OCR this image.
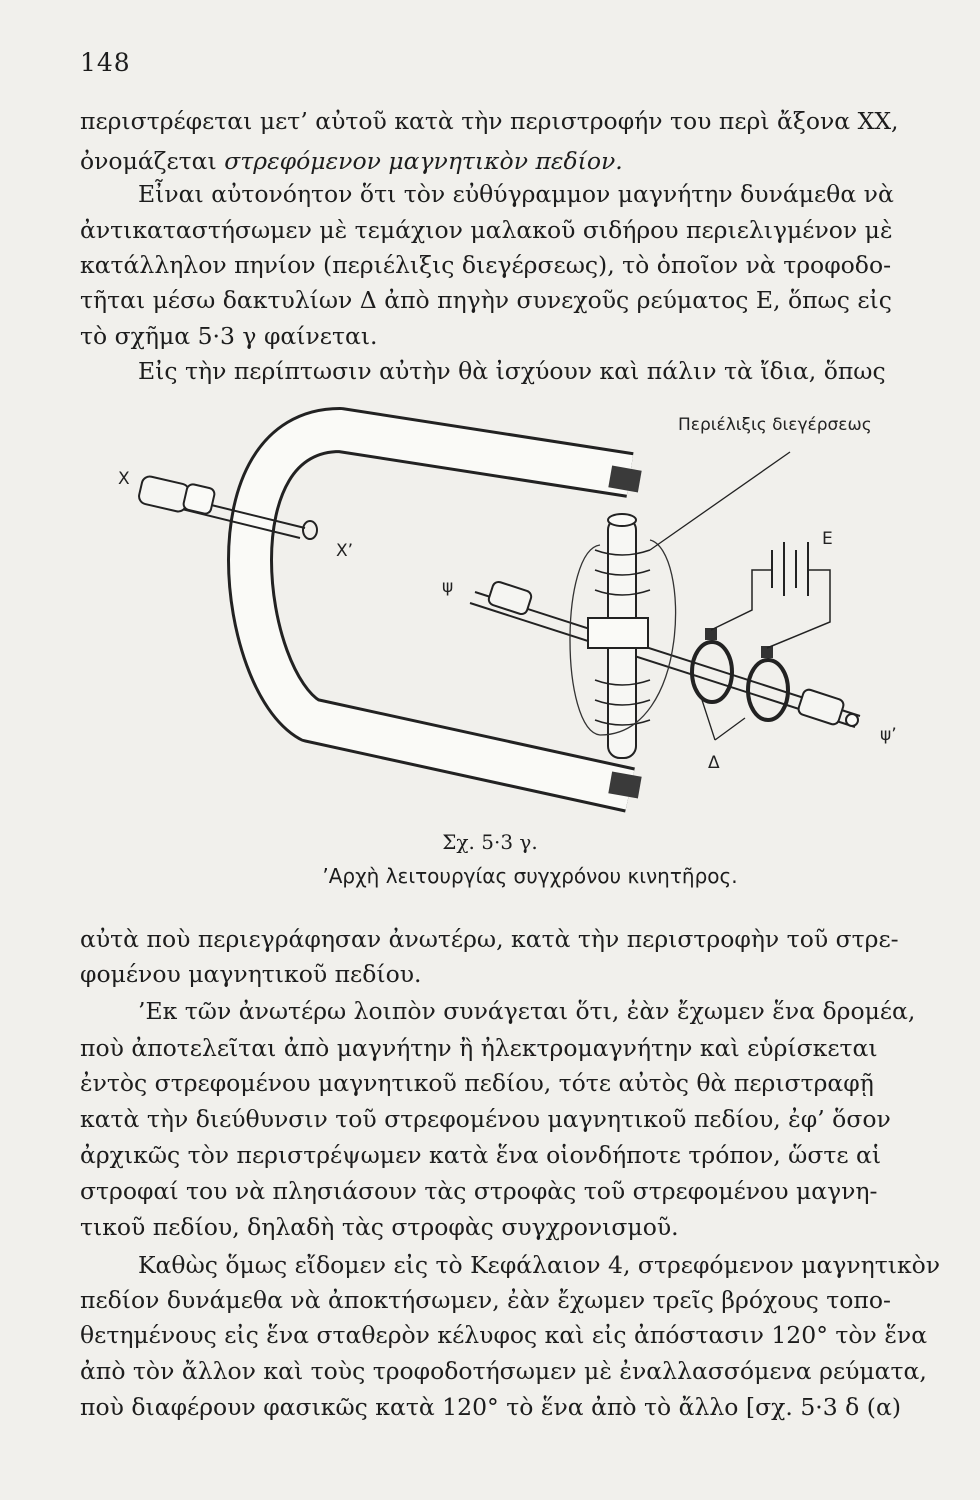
148
περιστρέφεται μετ’ αὐτοῦ κατὰ τὴν περιστροφήν του περὶ ἄξονα ΧΧ,
ὀνομάζεται στρεφόμενον μαγνητικὸν πεδίον.
Εἶναι αὐτονόητον ὅτι τὸν εὐθύγραμμον μαγνήτην δυνάμεθα νὰ
ἀντικαταστήσωμεν μὲ τεμάχιον μαλακοῦ σιδήρου περιελιγμένον μὲ
κατάλληλον πηνίον (περιέλιξις διεγέρσεως), τὸ ὁποῖον νὰ τροφοδο-
τῆται μέσω δακτυλίων Δ ἀπὸ πηγὴν συνεχοῦς ρεύματος Ε, ὅπως εἰς
τὸ σχῆμα 5·3 γ φαίνεται.
Εἰς τὴν περίπτωσιν αὐτὴν θὰ ἰσχύουν καὶ πάλιν τὰ ἴδια, ὅπως
Περιέλιξις διεγέρσεως
Χ
Χ’
ψ
ψ’
Ε
Δ
Σχ. 5·3 γ.
’Αρχὴ λειτουργίας συγχρόνου κινητῆρος.
αὐτὰ ποὺ περιεγράφησαν ἀνωτέρω, κατὰ τὴν περιστροφὴν τοῦ στρε-
φομένου μαγνητικοῦ πεδίου.
’Εκ τῶν ἀνωτέρω λοιπὸν συνάγεται ὅτι, ἐὰν ἔχωμεν ἕνα δρομέα,
ποὺ ἀποτελεῖται ἀπὸ μαγνήτην ἢ ἠλεκτρομαγνήτην καὶ εὑρίσκεται
ἐντὸς στρεφομένου μαγνητικοῦ πεδίου, τότε αὐτὸς θὰ περιστραφῇ
κατὰ τὴν διεύθυνσιν τοῦ στρεφομένου μαγνητικοῦ πεδίου, ἐφ’ ὅσον
ἀρχικῶς τὸν περιστρέψωμεν κατὰ ἕνα οἱονδήποτε τρόπον, ὥστε αἱ
στροφαί του νὰ πλησιάσουν τὰς στροφὰς τοῦ στρεφομένου μαγνη-
τικοῦ πεδίου, δηλαδὴ τὰς στροφὰς συγχρονισμοῦ.
Καθὼς ὅμως εἴδομεν εἰς τὸ Κεφάλαιον 4, στρεφόμενον μαγνητικὸν
πεδίον δυνάμεθα νὰ ἀποκτήσωμεν, ἐὰν ἔχωμεν τρεῖς βρόχους τοπο-
θετημένους εἰς ἕνα σταθερὸν κέλυφος καὶ εἰς ἀπόστασιν 120° τὸν ἕνα
ἀπὸ τὸν ἄλλον καὶ τοὺς τροφοδοτήσωμεν μὲ ἐναλλασσόμενα ρεύματα,
ποὺ διαφέρουν φασικῶς κατὰ 120° τὸ ἕνα ἀπὸ τὸ ἄλλο [σχ. 5·3 δ (α)
